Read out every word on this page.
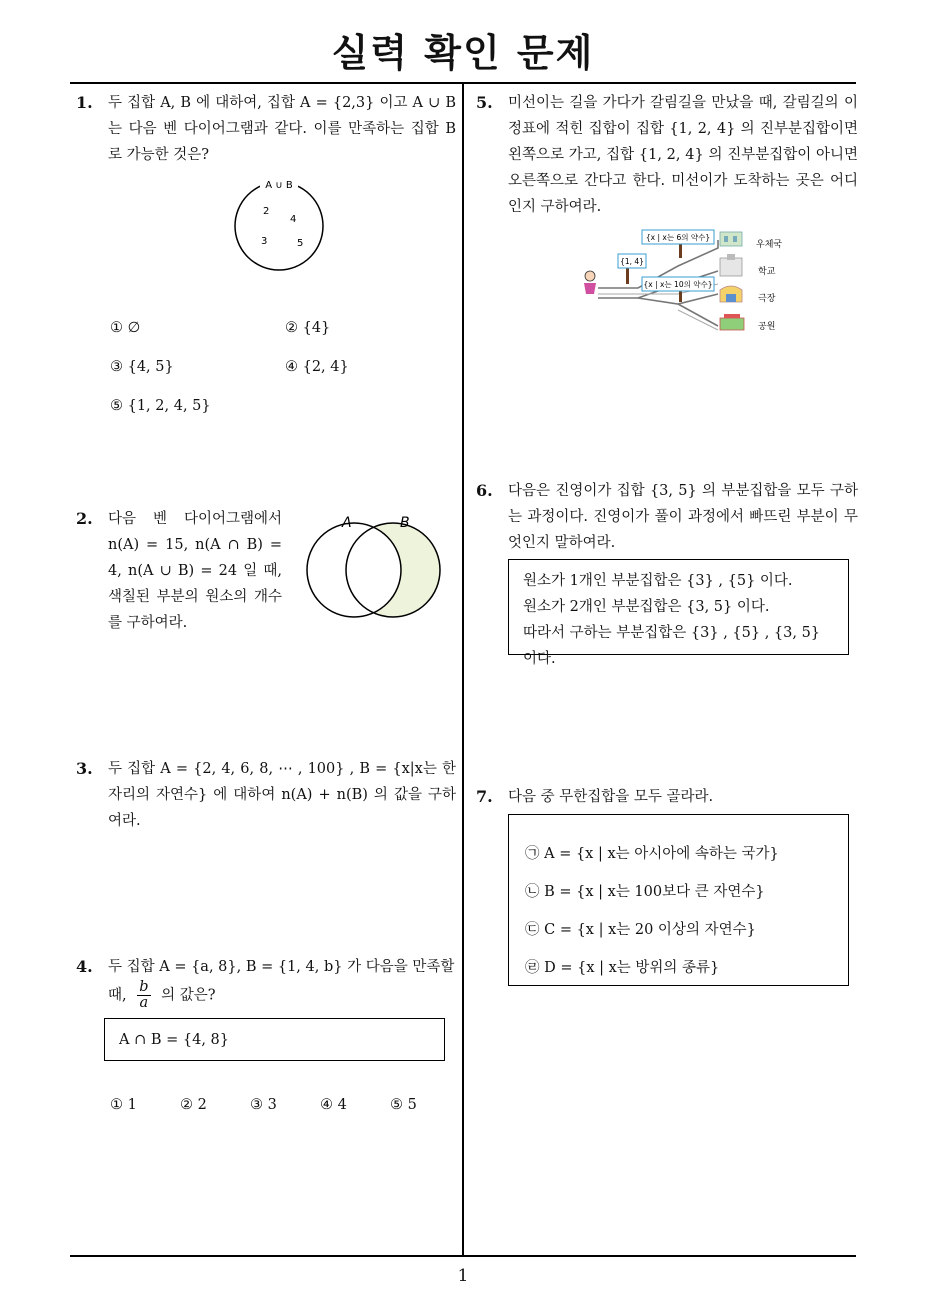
실력 확인 문제
1
1. 두 집합 A, B 에 대하여, 집합 A = {2,3} 이고 A ∪ B 는 다음 벤 다이어그램과 같다. 이를 만족하는 집합 B 로 가능한 것은?
A ∪ B
2
4
3	5
① ∅	② {4}
③ {4, 5}	④ {2, 4}
⑤ {1, 2, 4, 5}
2. 다음 벤 다이어그램에서 n(A) = 15, n(A ∩ B) = 4, n(A ∪ B) = 24 일 때, 색칠된 부분의 원소의 개수를 구하여라.
A	B
3. 두 집합 A = {2, 4, 6, 8, ⋯ , 100} , B = {x|x는 한 자리의 자연수} 에 대하여 n(A) + n(B) 의 값을 구하여라.
4. 두 집합 A = {a, 8}, B = {1, 4, b} 가 다음을 만족할
때, $\frac{b}{a}$ 의 값은?
A ∩ B = {4, 8}
① 1	② 2	③ 3	④ 4	⑤ 5
5. 미선이는 길을 가다가 갈림길을 만났을 때, 갈림길의 이정표에 적힌 집합이 집합 {1, 2, 4} 의 진부분집합이면 왼쪽으로 가고, 집합 {1, 2, 4} 의 진부분집합이 아니면 오른쪽으로 간다고 한다. 미선이가 도착하는 곳은 어디인지 구하여라.
{x | x는 6의 약수}
{1, 4}
{x | x는 10의 약수}
우체국
학교
극장
공원
6. 다음은 진영이가 집합 {3, 5} 의 부분집합을 모두 구하는 과정이다. 진영이가 풀이 과정에서 빠뜨린 부분이 무엇인지 말하여라.
원소가 1개인 부분집합은 {3} , {5} 이다.
원소가 2개인 부분집합은 {3, 5} 이다.
따라서 구하는 부분집합은 {3} , {5} , {3, 5} 이다.
7. 다음 중 무한집합을 모두 골라라.
㉠ A = {x | x는 아시아에 속하는 국가}
㉡ B = {x | x는 100보다 큰 자연수}
㉢ C = {x | x는 20 이상의 자연수}
㉣ D = {x | x는 방위의 종류}
